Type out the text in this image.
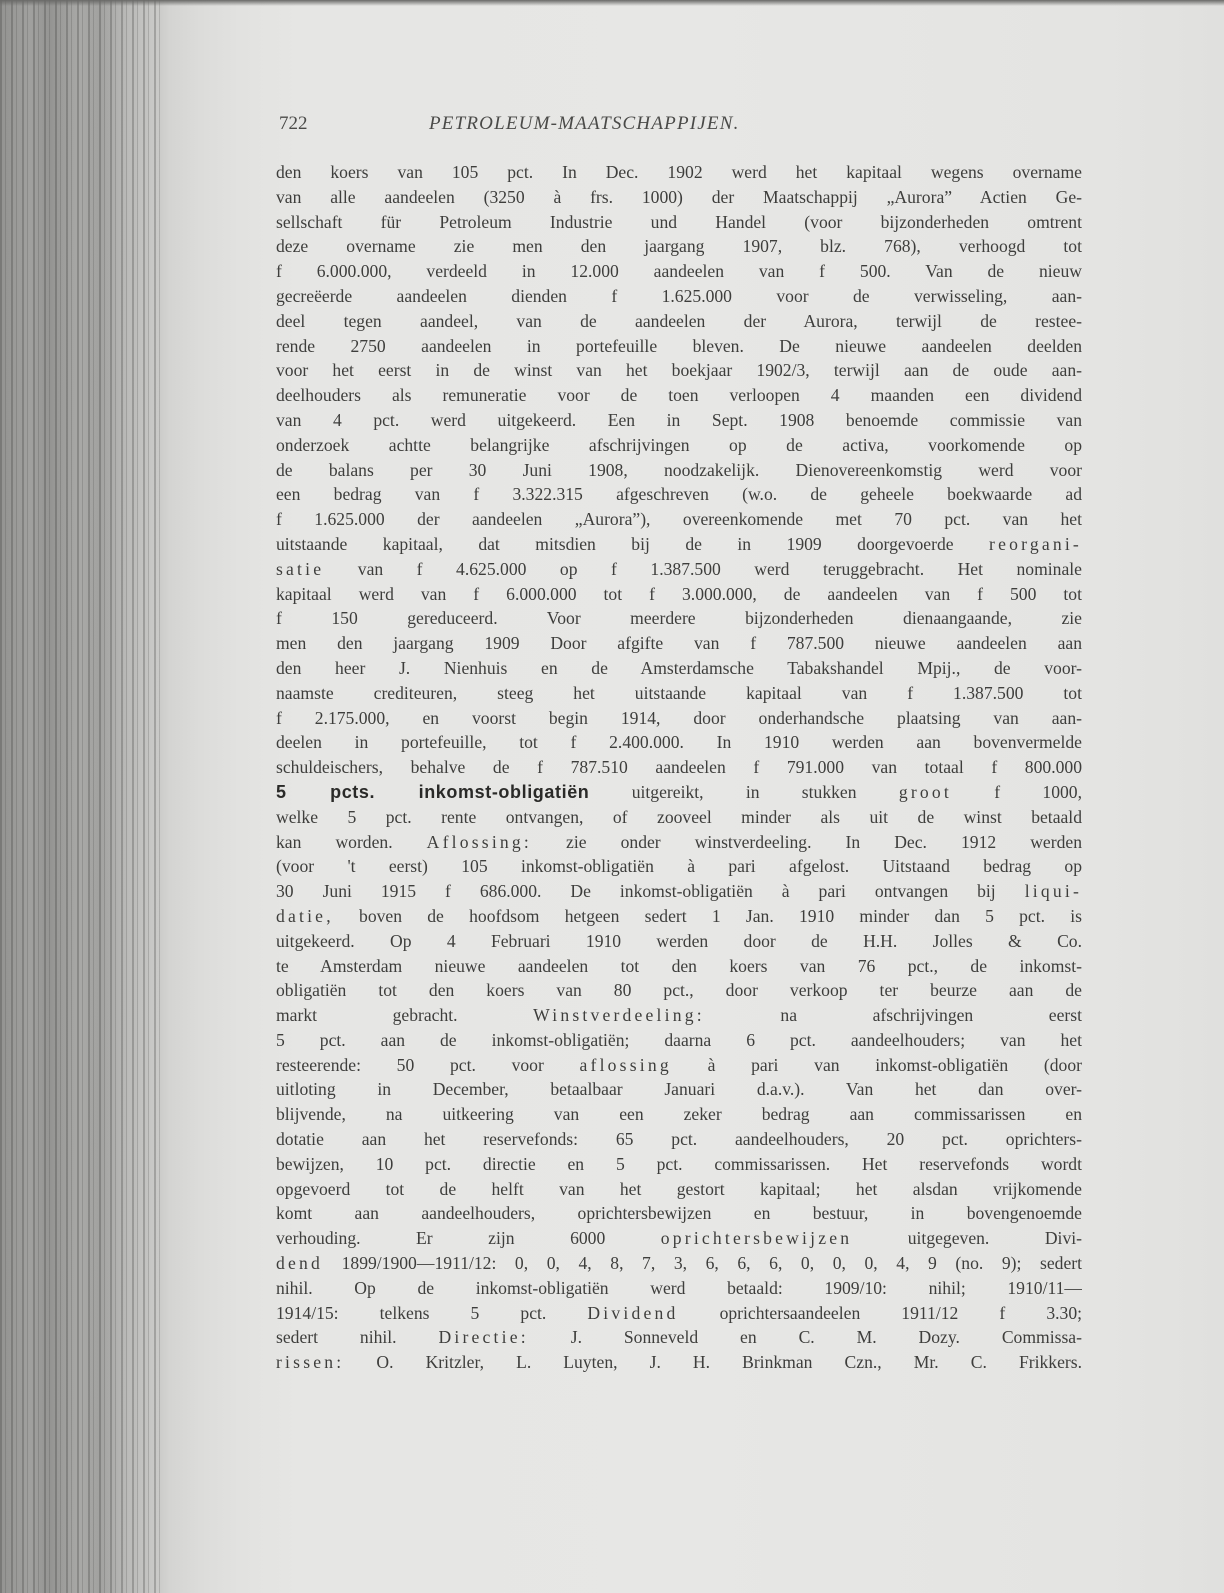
722	PETROLEUM-MAATSCHAPPIJEN.
den koers van 105 pct. In Dec. 1902 werd het kapitaal wegens overname
van alle aandeelen (3250 à frs. 1000) der Maatschappij „Aurora” Actien Ge-
sellschaft für Petroleum Industrie und Handel (voor bijzonderheden omtrent
deze overname zie men den jaargang 1907, blz. 768), verhoogd tot
f 6.000.000, verdeeld in 12.000 aandeelen van f 500. Van de nieuw
gecreëerde aandeelen dienden f 1.625.000 voor de verwisseling, aan-
deel tegen aandeel, van de aandeelen der Aurora, terwijl de restee-
rende 2750 aandeelen in portefeuille bleven. De nieuwe aandeelen deelden
voor het eerst in de winst van het boekjaar 1902/3, terwijl aan de oude aan-
deelhouders als remuneratie voor de toen verloopen 4 maanden een dividend
van 4 pct. werd uitgekeerd. Een in Sept. 1908 benoemde commissie van
onderzoek achtte belangrijke afschrijvingen op de activa, voorkomende op
de balans per 30 Juni 1908, noodzakelijk. Dienovereenkomstig werd voor
een bedrag van f 3.322.315 afgeschreven (w.o. de geheele boekwaarde ad
f 1.625.000 der aandeelen „Aurora”), overeenkomende met 70 pct. van het
uitstaande kapitaal, dat mitsdien bij de in 1909 doorgevoerde reorgani-
satie van f 4.625.000 op f 1.387.500 werd teruggebracht. Het nominale
kapitaal werd van f 6.000.000 tot f 3.000.000, de aandeelen van f 500 tot
f 150 gereduceerd. Voor meerdere bijzonderheden dienaangaande, zie
men den jaargang 1909 Door afgifte van f 787.500 nieuwe aandeelen aan
den heer J. Nienhuis en de Amsterdamsche Tabakshandel Mpij., de voor-
naamste crediteuren, steeg het uitstaande kapitaal van f 1.387.500 tot
f 2.175.000, en voorst begin 1914, door onderhandsche plaatsing van aan-
deelen in portefeuille, tot f 2.400.000. In 1910 werden aan bovenvermelde
schuldeischers, behalve de f 787.510 aandeelen f 791.000 van totaal f 800.000
5 pcts. inkomst-obligatiën uitgereikt, in stukken groot f 1000,
welke 5 pct. rente ontvangen, of zooveel minder als uit de winst betaald
kan worden. Aflossing: zie onder winstverdeeling. In Dec. 1912 werden
(voor 't eerst) 105 inkomst-obligatiën à pari afgelost. Uitstaand bedrag op
30 Juni 1915 f 686.000. De inkomst-obligatiën à pari ontvangen bij liqui-
datie, boven de hoofdsom hetgeen sedert 1 Jan. 1910 minder dan 5 pct. is
uitgekeerd. Op 4 Februari 1910 werden door de H.H. Jolles & Co.
te Amsterdam nieuwe aandeelen tot den koers van 76 pct., de inkomst-
obligatiën tot den koers van 80 pct., door verkoop ter beurze aan de
markt gebracht.	Winstverdeeling:	na afschrijvingen eerst
5 pct. aan de inkomst-obligatiën; daarna 6 pct. aandeelhouders; van het
resteerende: 50 pct. voor aflossing à pari van inkomst-obligatiën (door
uitloting in December, betaalbaar Januari d.a.v.). Van het dan over-
blijvende, na uitkeering van een zeker bedrag aan commissarissen en
dotatie aan het reservefonds: 65 pct. aandeelhouders, 20 pct. oprichters-
bewijzen, 10 pct. directie en 5 pct. commissarissen. Het reservefonds wordt
opgevoerd tot de helft van het gestort kapitaal; het alsdan vrijkomende
komt aan aandeelhouders, oprichtersbewijzen en bestuur, in bovengenoemde
verhouding. Er zijn 6000	oprichtersbewijzen	uitgegeven. Divi-
dend 1899/1900—1911/12: 0, 0, 4, 8, 7, 3, 6, 6, 6, 0, 0, 0, 4, 9 (no. 9); sedert
nihil. Op de inkomst-obligatiën werd betaald: 1909/10: nihil; 1910/11—
1914/15: telkens 5 pct. Dividend oprichtersaandeelen 1911/12 f 3.30;
sedert nihil. Directie: J. Sonneveld en C. M. Dozy. Commissa-
rissen: O. Kritzler, L. Luyten, J. H. Brinkman Czn., Mr. C. Frikkers.
